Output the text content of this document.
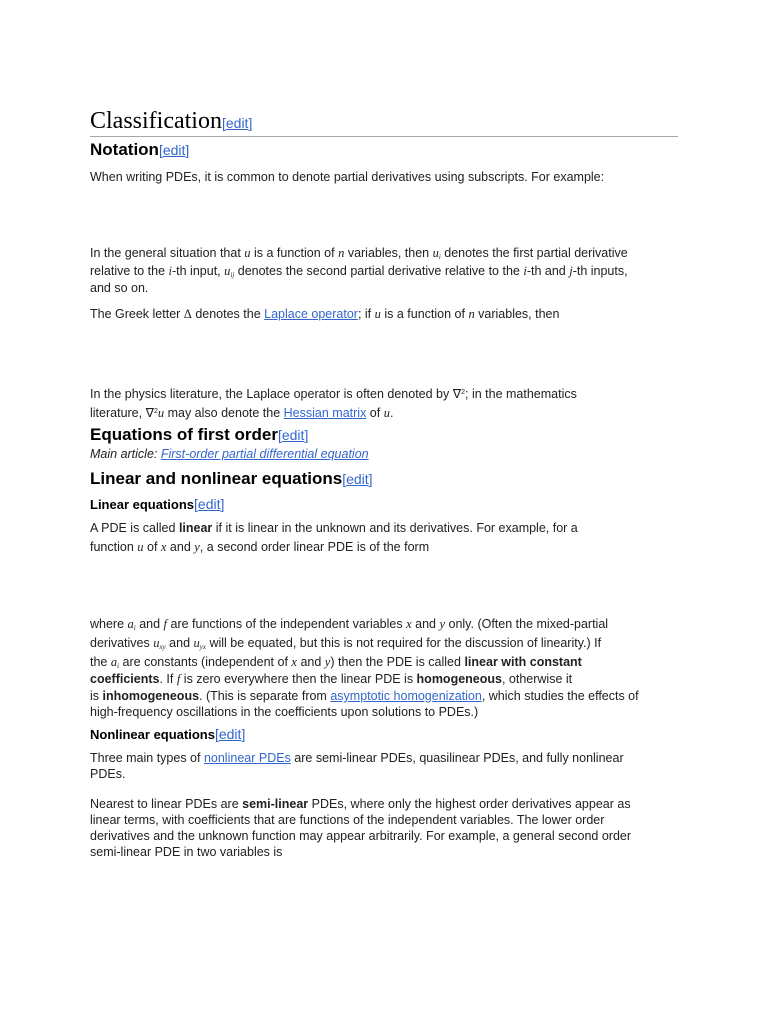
Classification[edit]
Notation[edit]
When writing PDEs, it is common to denote partial derivatives using subscripts. For example:
In the general situation that u is a function of n variables, then $u_i$ denotes the first partial derivative
relative to the i-th input, $u_{ij}$ denotes the second partial derivative relative to the i-th and j-th inputs,
and so on.
The Greek letter Δ denotes the Laplace operator; if u is a function of n variables, then
In the physics literature, the Laplace operator is often denoted by ∇$^2$; in the mathematics
literature, ∇$^2$u may also denote the Hessian matrix of u.
Equations of first order[edit]
Main article: First-order partial differential equation
Linear and nonlinear equations[edit]
Linear equations[edit]
A PDE is called linear if it is linear in the unknown and its derivatives. For example, for a
function u of x and y, a second order linear PDE is of the form
where $a_i$ and f are functions of the independent variables x and y only. (Often the mixed-partial
derivatives $u_{xy}$ and $u_{yx}$ will be equated, but this is not required for the discussion of linearity.) If
the $a_i$ are constants (independent of x and y) then the PDE is called linear with constant
coefficients. If f is zero everywhere then the linear PDE is homogeneous, otherwise it
is inhomogeneous. (This is separate from asymptotic homogenization, which studies the effects of
high-frequency oscillations in the coefficients upon solutions to PDEs.)
Nonlinear equations[edit]
Three main types of nonlinear PDEs are semi-linear PDEs, quasilinear PDEs, and fully nonlinear
PDEs.
Nearest to linear PDEs are semi-linear PDEs, where only the highest order derivatives appear as
linear terms, with coefficients that are functions of the independent variables. The lower order
derivatives and the unknown function may appear arbitrarily. For example, a general second order
semi-linear PDE in two variables is
